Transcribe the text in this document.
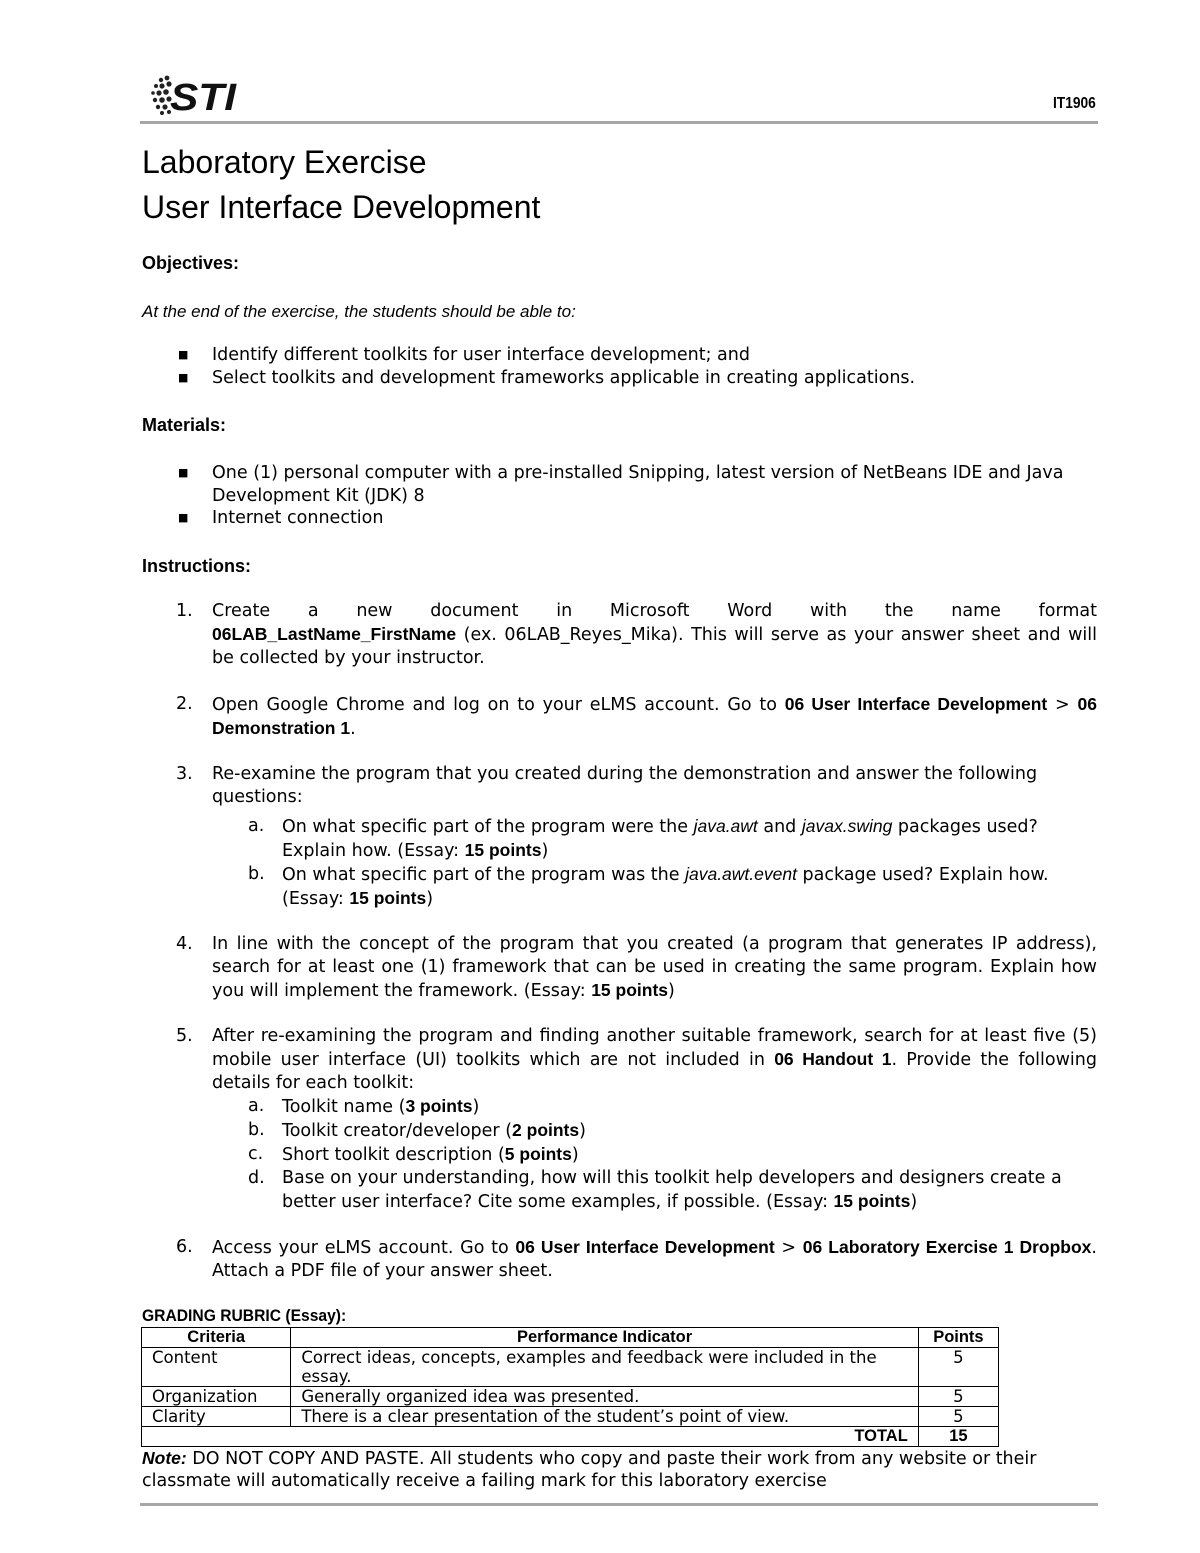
STI	IT1906
Laboratory Exercise
User Interface Development

Objectives:

At the end of the exercise, the students should be able to:

■ Identify different toolkits for user interface development; and
■ Select toolkits and development frameworks applicable in creating applications.

Materials:

■ One (1) personal computer with a pre-installed Snipping, latest version of NetBeans IDE and Java Development Kit (JDK) 8
■ Internet connection

Instructions:

1. Create a new document in Microsoft Word with the name format
06LAB_LastName_FirstName (ex. 06LAB_Reyes_Mika). This will serve as your answer sheet and will be collected by your instructor.
2. Open Google Chrome and log on to your eLMS account. Go to 06 User Interface Development > 06 Demonstration 1.
3. Re-examine the program that you created during the demonstration and answer the following questions:
a. On what specific part of the program were the java.awt and javax.swing packages used? Explain how. (Essay: 15 points)
b. On what specific part of the program was the java.awt.event package used? Explain how. (Essay: 15 points)
4. In line with the concept of the program that you created (a program that generates IP address), search for at least one (1) framework that can be used in creating the same program. Explain how you will implement the framework. (Essay: 15 points)
5. After re-examining the program and finding another suitable framework, search for at least five (5) mobile user interface (UI) toolkits which are not included in 06 Handout 1. Provide the following details for each toolkit:
a. Toolkit name (3 points)
b. Toolkit creator/developer (2 points)
c. Short toolkit description (5 points)
d. Base on your understanding, how will this toolkit help developers and designers create a better user interface? Cite some examples, if possible. (Essay: 15 points)
6. Access your eLMS account. Go to 06 User Interface Development > 06 Laboratory Exercise 1 Dropbox. Attach a PDF file of your answer sheet.

GRADING RUBRIC (Essay):

Criteria	Performance Indicator	Points
Content	Correct ideas, concepts, examples and feedback were included in the essay.	5
Organization	Generally organized idea was presented.	5
Clarity	There is a clear presentation of the student’s point of view.	5
TOTAL		15

Note: DO NOT COPY AND PASTE. All students who copy and paste their work from any website or their classmate will automatically receive a failing mark for this laboratory exercise
